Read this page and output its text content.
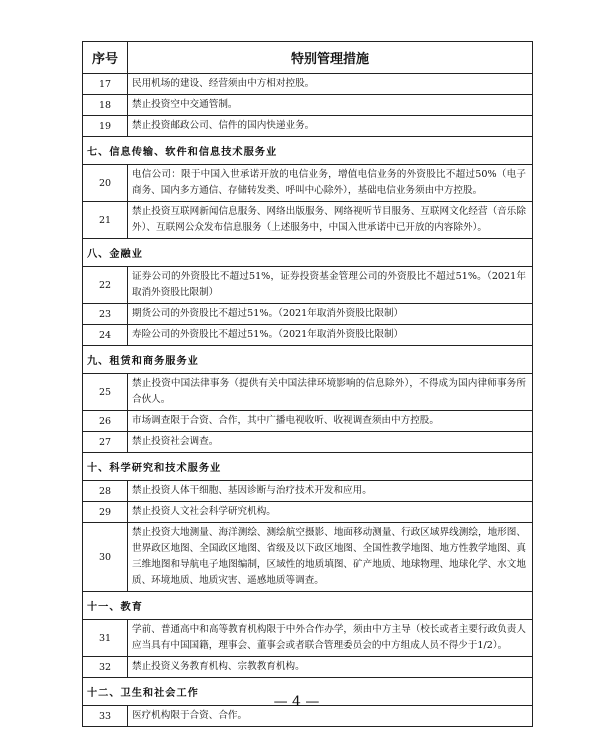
序号	特别管理措施
17	民用机场的建设、经营须由中方相对控股。
18	禁止投资空中交通管制。
19	禁止投资邮政公司、信件的国内快递业务。
七、信息传输、软件和信息技术服务业	
20	电信公司：限于中国入世承诺开放的电信业务，增值电信业务的外资股比不超过50%（电子商务、国内多方通信、存储转发类、呼叫中心除外），基础电信业务须由中方控股。
21	禁止投资互联网新闻信息服务、网络出版服务、网络视听节目服务、互联网文化经营（音乐除外）、互联网公众发布信息服务（上述服务中，中国入世承诺中已开放的内容除外）。
八、金融业	
22	证券公司的外资股比不超过51%，证券投资基金管理公司的外资股比不超过51%。（2021年取消外资股比限制）
23	期货公司的外资股比不超过51%。（2021年取消外资股比限制）
24	寿险公司的外资股比不超过51%。（2021年取消外资股比限制）
九、租赁和商务服务业	
25	禁止投资中国法律事务（提供有关中国法律环境影响的信息除外），不得成为国内律师事务所合伙人。
26	市场调查限于合资、合作，其中广播电视收听、收视调查须由中方控股。
27	禁止投资社会调查。
十、科学研究和技术服务业	
28	禁止投资人体干细胞、基因诊断与治疗技术开发和应用。
29	禁止投资人文社会科学研究机构。
30	禁止投资大地测量、海洋测绘、测绘航空摄影、地面移动测量、行政区域界线测绘，地形图、世界政区地图、全国政区地图、省级及以下政区地图、全国性教学地图、地方性教学地图、真三维地图和导航电子地图编制，区域性的地质填图、矿产地质、地球物理、地球化学、水文地质、环境地质、地质灾害、遥感地质等调查。
十一、教育	
31	学前、普通高中和高等教育机构限于中外合作办学，须由中方主导（校长或者主要行政负责人应当具有中国国籍，理事会、董事会或者联合管理委员会的中方组成人员不得少于1/2）。
32	禁止投资义务教育机构、宗教教育机构。
十二、卫生和社会工作	
33	医疗机构限于合资、合作。
— 4 —
